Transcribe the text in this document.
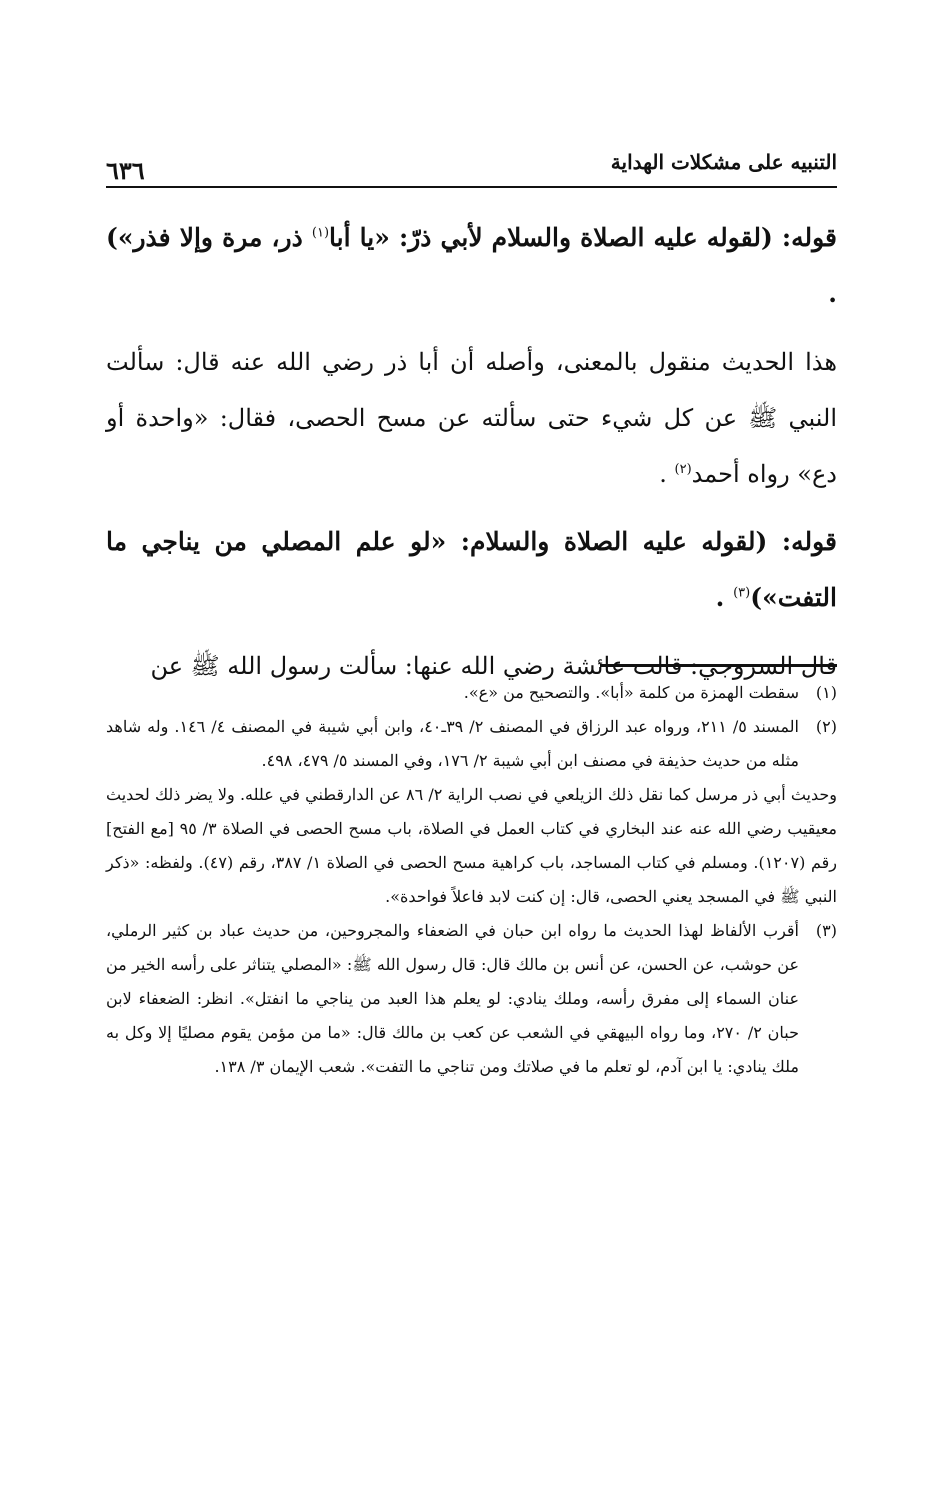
التنبيه على مشكلات الهداية
٦٣٦

قوله: (لقوله عليه الصلاة والسلام لأبي ذرّ: «يا أبا$^{(١)}$ ذر، مرة وإلا فذر») .

هذا الحديث منقول بالمعنى، وأصله أن أبا ذر رضي الله عنه قال: سألت النبي ﷺ عن كل شيء حتى سألته عن مسح الحصى، فقال: «واحدة أو دع» رواه أحمد$^{(٢)}$ .

قوله: (لقوله عليه الصلاة والسلام: «لو علم المصلي من يناجي ما التفت»)$^{(٣)}$ .

قال السروجي: قالت عائشة رضي الله عنها: سألت رسول الله ﷺ عن

(١)
سقطت الهمزة من كلمة «أبا». والتصحيح من «ع».

(٢)
المسند ٥/ ٢١١، ورواه عبد الرزاق في المصنف ٢/ ٣٩ـ٤٠، وابن أبي شيبة في المصنف ٤/ ١٤٦. وله شاهد مثله من حديث حذيفة في مصنف ابن أبي شيبة ٢/ ١٧٦، وفي المسند ٥/ ٤٧٩، ٤٩٨.
وحديث أبي ذر مرسل كما نقل ذلك الزيلعي في نصب الراية ٢/ ٨٦ عن الدارقطني في علله. ولا يضر ذلك لحديث معيقيب رضي الله عنه عند البخاري في كتاب العمل في الصلاة، باب مسح الحصى في الصلاة ٣/ ٩٥ [مع الفتح] رقم (١٢٠٧). ومسلم في كتاب المساجد، باب كراهية مسح الحصى في الصلاة ١/ ٣٨٧، رقم (٤٧). ولفظه: «ذكر النبي ﷺ في المسجد يعني الحصى، قال: إن كنت لابد فاعلاً فواحدة».

(٣)
أقرب الألفاظ لهذا الحديث ما رواه ابن حبان في الضعفاء والمجروحين، من حديث عباد بن كثير الرملي، عن حوشب، عن الحسن، عن أنس بن مالك قال: قال رسول الله ﷺ: «المصلي يتناثر على رأسه الخير من عنان السماء إلى مفرق رأسه، وملك ينادي: لو يعلم هذا العبد من يناجي ما انفتل». انظر: الضعفاء لابن حبان ٢/ ٢٧٠، وما رواه البيهقي في الشعب عن كعب بن مالك قال: «ما من مؤمن يقوم مصليًا إلا وكل به ملك ينادي: يا ابن آدم، لو تعلم ما في صلاتك ومن تناجي ما التفت». شعب الإيمان ٣/ ١٣٨.
